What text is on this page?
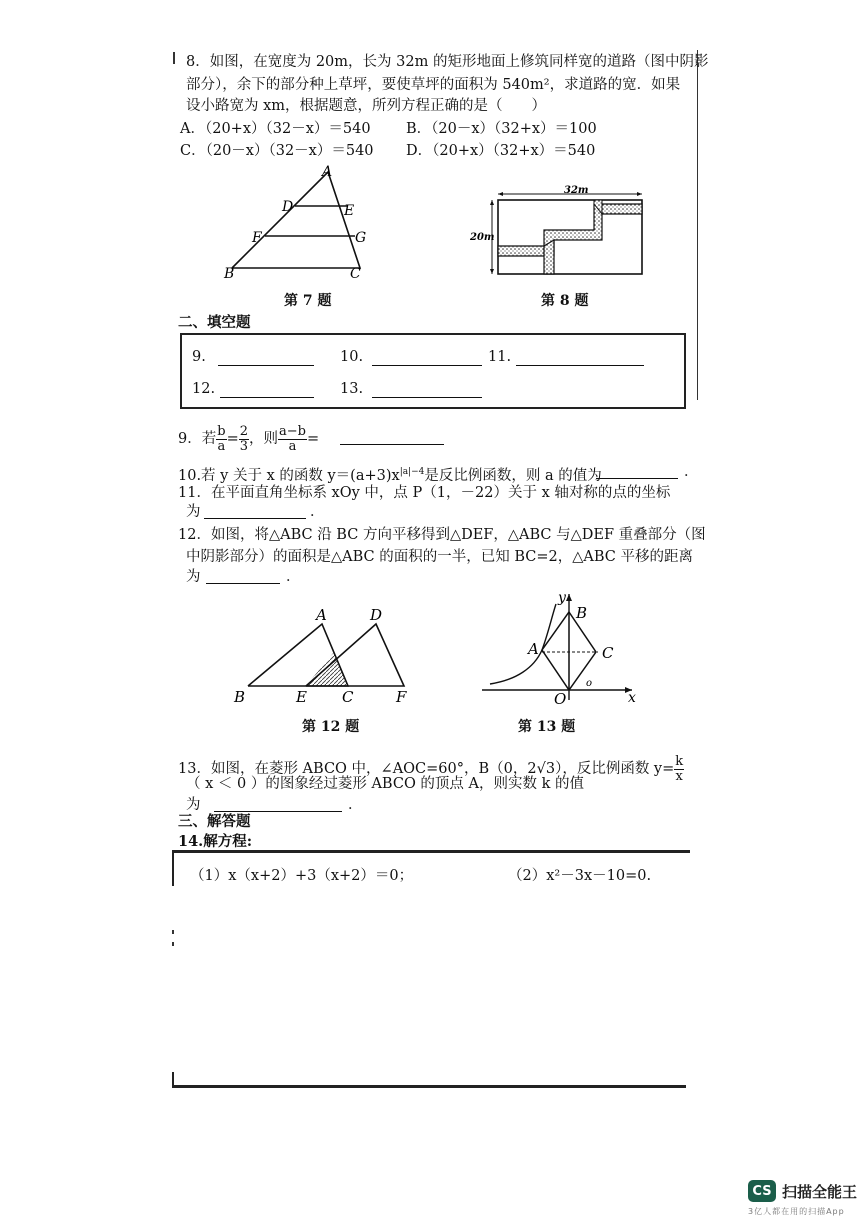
8．如图，在宽度为 20m，长为 32m 的矩形地面上修筑同样宽的道路（图中阴影
部分），余下的部分种上草坪，要使草坪的面积为 540m²，求道路的宽．如果
设小路宽为 xm，根据题意，所列方程正确的是（　　）
A．（20+x）（32－x）＝540 B．（20－x）（32+x）＝100
C．（20－x）（32－x）＝540 D．（20+x）（32+x）＝540
A
D	E
F	G
B	C
第 7 题
32m
20m
第 8 题
二、填空题
9.	10.	11.
12.	13.
9．若 $\frac{b}{a} = \frac{2}{3}$ ，则 $\frac{a-b}{a}$ =
10.若 y 关于 x 的函数 $y=(a+3)x^{|a|-4}$是反比例函数，则 a 的值为	．
11．在平面直角坐标系 xOy 中，点 P（1，－22）关于 x 轴对称的点的坐标
为	．
12．如图，将△ABC 沿 BC 方向平移得到△DEF，△ABC 与△DEF 重叠部分（图
中阴影部分）的面积是△ABC 的面积的一半，已知 BC=2，△ABC 平移的距离
为	．
A	D
B	E C	F
第 12 题
y
B
A	C
O	x
o
第 13 题
13．如图，在菱形 ABCO 中，∠AOC=60°，B（0，2√3），反比例函数 $y= \frac{k}{x}$
（ x ＜ 0 ）的图象经过菱形 ABCO 的顶点 A，则实数 k 的值
为	．
三、解答题
14.解方程:
（1）x（x+2）+3（x+2）＝0；	（2）x²－3x－10=0.
CS 扫描全能王
3亿人都在用的扫描App
